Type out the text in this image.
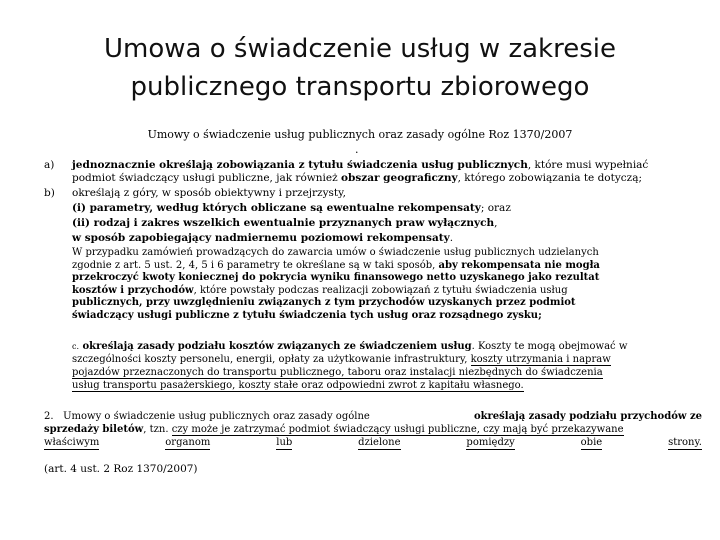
Umowa o świadczenie usług w zakresie
publicznego transportu zbiorowego
Umowy o świadczenie usług publicznych oraz zasady ogólne Roz 1370/2007
.
a) jednoznacznie określają zobowiązania z tytułu świadczenia usług publicznych, które musi wypełniać
podmiot świadczący usługi publiczne, jak również obszar geograficzny, którego zobowiązania te dotyczą;
b) określają z góry, w sposób obiektywny i przejrzysty,
(i) parametry, według których obliczane są ewentualne rekompensaty; oraz
(ii) rodzaj i zakres wszelkich ewentualnie przyznanych praw wyłącznych,
w sposób zapobiegający nadmiernemu poziomowi rekompensaty.
W przypadku zamówień prowadzących do zawarcia umów o świadczenie usług publicznych udzielanych
zgodnie z art. 5 ust. 2, 4, 5 i 6 parametry te określane są w taki sposób, aby rekompensata nie mogła
przekroczyć kwoty koniecznej do pokrycia wyniku finansowego netto uzyskanego jako rezultat
kosztów i przychodów, które powstały podczas realizacji zobowiązań z tytułu świadczenia usług
publicznych, przy uwzględnieniu związanych z tym przychodów uzyskanych przez podmiot
świadczący usługi publiczne z tytułu świadczenia tych usług oraz rozsądnego zysku;
c. określają zasady podziału kosztów związanych ze świadczeniem usług. Koszty te mogą obejmować w
szczególności koszty personelu, energii, opłaty za użytkowanie infrastruktury, koszty utrzymania i napraw
pojazdów przeznaczonych do transportu publicznego, taboru oraz instalacji niezbędnych do świadczenia
usług transportu pasażerskiego, koszty stałe oraz odpowiedni zwrot z kapitału własnego.
2. Umowy o świadczenie usług publicznych oraz zasady ogólne	określają zasady podziału przychodów ze
sprzedaży biletów, tzn. czy może je zatrzymać podmiot świadczący usługi publiczne, czy mają być przekazywane
właściwym	organom	lub	dzielone	pomiędzy	obie	strony.
(art. 4 ust. 2 Roz 1370/2007)
